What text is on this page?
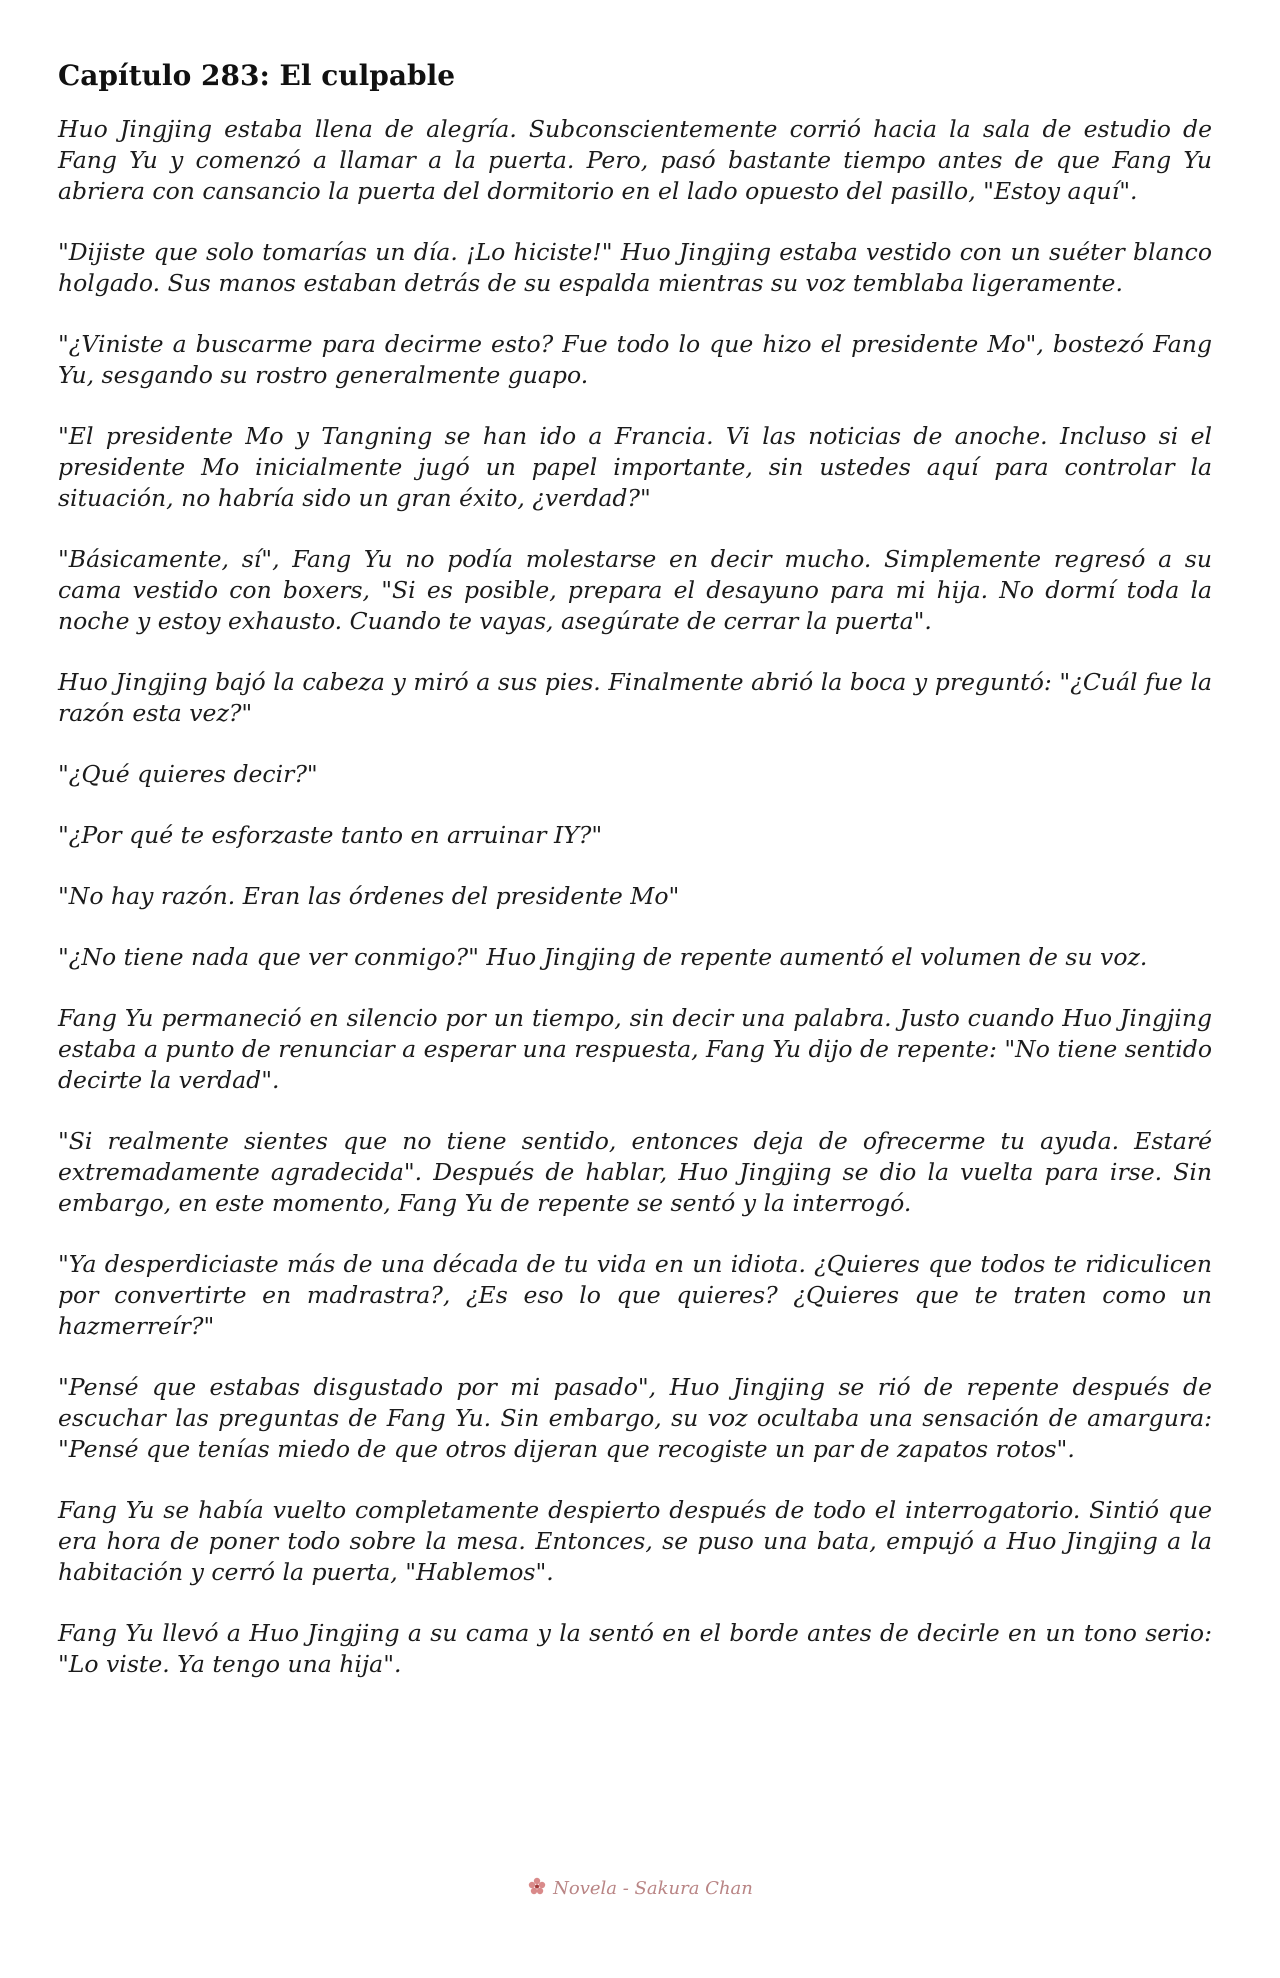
Capítulo 283: El culpable

Huo Jingjing estaba llena de alegría. Subconscientemente corrió hacia la sala de estudio de Fang Yu y comenzó a llamar a la puerta. Pero, pasó bastante tiempo antes de que Fang Yu abriera con cansancio la puerta del dormitorio en el lado opuesto del pasillo, "Estoy aquí".

"Dijiste que solo tomarías un día. ¡Lo hiciste!" Huo Jingjing estaba vestido con un suéter blanco holgado. Sus manos estaban detrás de su espalda mientras su voz temblaba ligeramente.

"¿Viniste a buscarme para decirme esto? Fue todo lo que hizo el presidente Mo", bostezó Fang Yu, sesgando su rostro generalmente guapo.

"El presidente Mo y Tangning se han ido a Francia. Vi las noticias de anoche. Incluso si el presidente Mo inicialmente jugó un papel importante, sin ustedes aquí para controlar la situación, no habría sido un gran éxito, ¿verdad?"

"Básicamente, sí", Fang Yu no podía molestarse en decir mucho. Simplemente regresó a su cama vestido con boxers, "Si es posible, prepara el desayuno para mi hija. No dormí toda la noche y estoy exhausto. Cuando te vayas, asegúrate de cerrar la puerta".

Huo Jingjing bajó la cabeza y miró a sus pies. Finalmente abrió la boca y preguntó: "¿Cuál fue la razón esta vez?"

"¿Qué quieres decir?"

"¿Por qué te esforzaste tanto en arruinar IY?"

"No hay razón. Eran las órdenes del presidente Mo"

"¿No tiene nada que ver conmigo?" Huo Jingjing de repente aumentó el volumen de su voz.

Fang Yu permaneció en silencio por un tiempo, sin decir una palabra. Justo cuando Huo Jingjing estaba a punto de renunciar a esperar una respuesta, Fang Yu dijo de repente: "No tiene sentido decirte la verdad".

"Si realmente sientes que no tiene sentido, entonces deja de ofrecerme tu ayuda. Estaré extremadamente agradecida". Después de hablar, Huo Jingjing se dio la vuelta para irse. Sin embargo, en este momento, Fang Yu de repente se sentó y la interrogó.

"Ya desperdiciaste más de una década de tu vida en un idiota. ¿Quieres que todos te ridiculicen por convertirte en madrastra?, ¿Es eso lo que quieres? ¿Quieres que te traten como un hazmerreír?"

"Pensé que estabas disgustado por mi pasado", Huo Jingjing se rió de repente después de escuchar las preguntas de Fang Yu. Sin embargo, su voz ocultaba una sensación de amargura: "Pensé que tenías miedo de que otros dijeran que recogiste un par de zapatos rotos".

Fang Yu se había vuelto completamente despierto después de todo el interrogatorio. Sintió que era hora de poner todo sobre la mesa. Entonces, se puso una bata, empujó a Huo Jingjing a la habitación y cerró la puerta, "Hablemos".

Fang Yu llevó a Huo Jingjing a su cama y la sentó en el borde antes de decirle en un tono serio: "Lo viste. Ya tengo una hija".

Novela - Sakura Chan
